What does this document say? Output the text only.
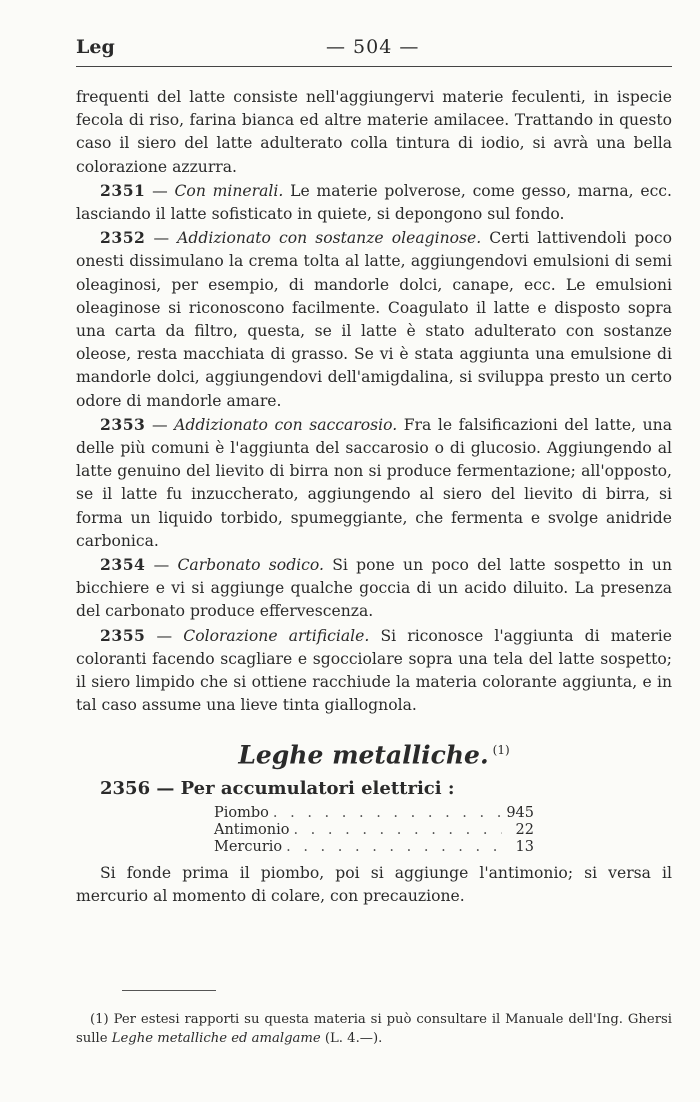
Leg	— 504 —

frequenti del latte consiste nell'aggiungervi materie feculenti, in ispecie fecola di riso, farina bianca ed altre materie amilacee. Trattando in questo caso il siero del latte adulterato colla tintura di iodio, si avrà una bella colorazione azzurra.

2351 — Con minerali. Le materie polverose, come gesso, marna, ecc. lasciando il latte sofisticato in quiete, si depongono sul fondo.

2352 — Addizionato con sostanze oleaginose. Certi lattivendoli poco onesti dissimulano la crema tolta al latte, aggiungendovi emulsioni di semi oleaginosi, per esempio, di mandorle dolci, canape, ecc. Le emulsioni oleaginose si riconoscono facilmente. Coagulato il latte e disposto sopra una carta da filtro, questa, se il latte è stato adulterato con sostanze oleose, resta macchiata di grasso. Se vi è stata aggiunta una emulsione di mandorle dolci, aggiungendovi dell'amigdalina, si sviluppa presto un certo odore di mandorle amare.

2353 — Addizionato con saccarosio. Fra le falsificazioni del latte, una delle più comuni è l'aggiunta del saccarosio o di glucosio. Aggiungendo al latte genuino del lievito di birra non si produce fermentazione; all'opposto, se il latte fu inzuccherato, aggiungendo al siero del lievito di birra, si forma un liquido torbido, spumeggiante, che fermenta e svolge anidride carbonica.

2354 — Carbonato sodico. Si pone un poco del latte sospetto in un bicchiere e vi si aggiunge qualche goccia di un acido diluito. La presenza del carbonato produce effervescenza.

2355 — Colorazione artificiale. Si riconosce l'aggiunta di materie coloranti facendo scagliare e sgocciolare sopra una tela del latte sospetto; il siero limpido che si ottiene racchiude la materia colorante aggiunta, e in tal caso assume una lieve tinta giallognola.

Leghe metalliche. $^{(1)}$
2356 — Per accumulatori elettrici :
Piombo . . .	945
Antimonio . . .	22
Mercurio . . .	13

Si fonde prima il piombo, poi si aggiunge l'antimonio; si versa il mercurio al momento di colare, con precauzione.

(1) Per estesi rapporti su questa materia si può consultare il Manuale dell'Ing. Ghersi sulle Leghe metalliche ed amalgame (L. 4.—).
